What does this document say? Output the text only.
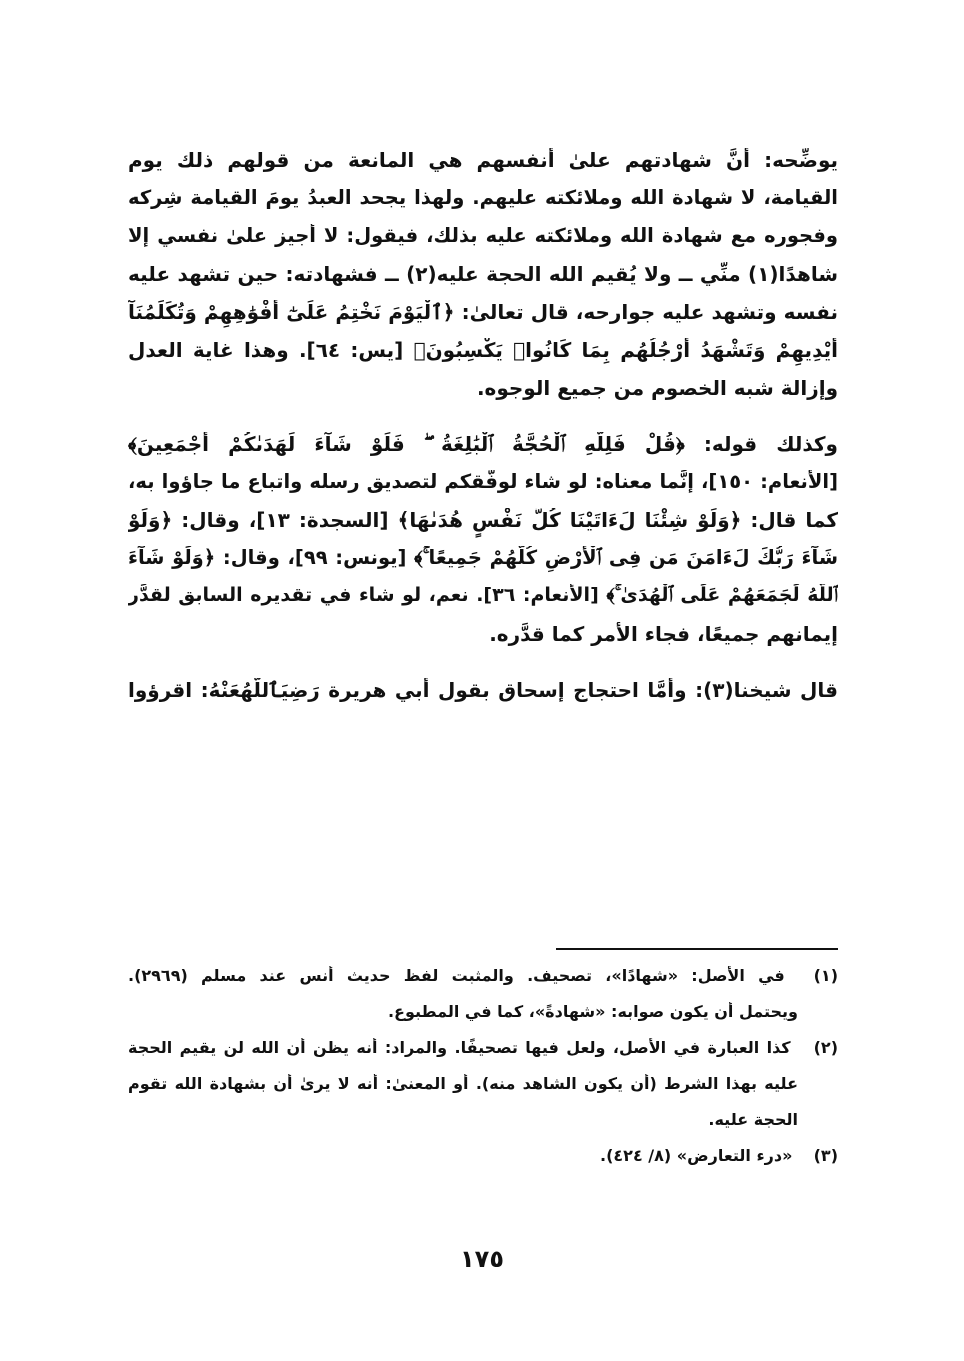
يوضِّحه: أنَّ شهادتهم علىٰ أنفسهم هي المانعة من قولهم ذلك يوم

القيامة، لا شهادة الله وملائكته عليهم. ولهذا يجحد العبدُ يومَ القيامة شِركه

وفجوره مع شهادة الله وملائكته عليه بذلك، فيقول: لا أجيز علىٰ نفسي إلا

شاهدًا(١) منِّي ــ ولا يُقيم الله الحجة عليه(٢) ــ فشهادته: حين تشهد عليه

نفسه وتشهد عليه جوارحه، قال تعالىٰ: ﴿ٱلْيَوْمَ نَخْتِمُ عَلَىٰٓ أَفْوَٰهِهِمْ وَتُكَلِّمُنَآ

أَيْدِيهِمْ وَتَشْهَدُ أَرْجُلُهُم بِمَا كَانُوا۟ يَكْسِبُونَ﴾ [يس: ٦٤]. وهذا غاية العدل

وإزالة شبه الخصوم من جميع الوجوه.

وكذلك قوله: ﴿قُلْ فَلِلَّهِ ٱلْحُجَّةُ ٱلْبَٰلِغَةُ ۖ فَلَوْ شَآءَ لَهَدَىٰكُمْ أَجْمَعِينَ﴾

[الأنعام: ١٥٠]، إنَّما معناه: لو شاء لوفَّقكم لتصديق رسله واتباع ما جاؤوا به،

كما قال: ﴿وَلَوْ شِئْنَا لَءَاتَيْنَا كُلَّ نَفْسٍ هُدَىٰهَا﴾ [السجدة: ١٣]، وقال: ﴿وَلَوْ

شَآءَ رَبُّكَ لَءَامَنَ مَن فِى ٱلْأَرْضِ كُلُّهُمْ جَمِيعًا ۚ﴾ [يونس: ٩٩]، وقال: ﴿وَلَوْ شَآءَ

ٱللَّهُ لَجَمَعَهُمْ عَلَى ٱلْهُدَىٰ ۚ﴾ [الأنعام: ٣٦]. نعم، لو شاء في تقديره السابق لقدَّر

إيمانهم جميعًا، فجاء الأمر كما قدَّره.

قال شيخنا(٣): وأمَّا احتجاج إسحاق بقول أبي هريرة رَضِيَٱللَّهُعَنْهُ: اقرؤوا

(١) في الأصل: «شهادًا»، تصحيف. والمثبت لفظ حديث أنس عند مسلم (٢٩٦٩).
ويحتمل أن يكون صوابه: «شهادةً»، كما في المطبوع.
(٢) كذا العبارة في الأصل، ولعل فيها تصحيفًا. والمراد: أنه يظن أن الله لن يقيم الحجة
عليه بهذا الشرط (أن يكون الشاهد منه). أو المعنىٰ: أنه لا يرىٰ أن بشهادة الله تقوم
الحجة عليه.
(٣) «درء التعارض» (٨/ ٤٢٤).
١٧٥
